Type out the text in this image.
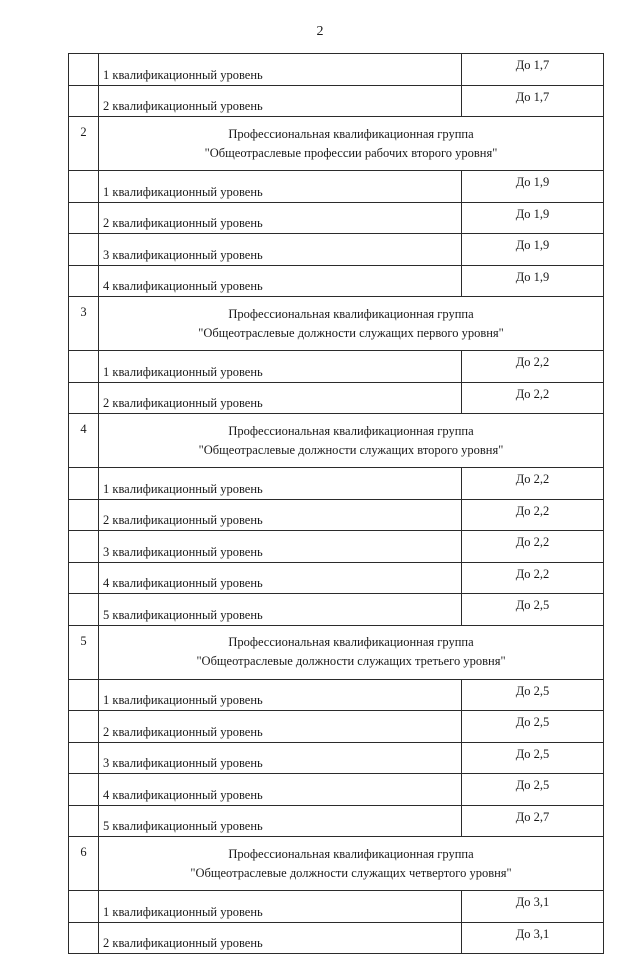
2
	1 квалификационный уровень	До 1,7
	2 квалификационный уровень	До 1,7
2	Профессиональная квалификационная группа
"Общеотраслевые профессии рабочих второго уровня"	

	1 квалификационный уровень	До 1,9
	2 квалификационный уровень	До 1,9
	3 квалификационный уровень	До 1,9
	4 квалификационный уровень	До 1,9
3	Профессиональная квалификационная группа
"Общеотраслевые должности служащих первого уровня"	

	1 квалификационный уровень	До 2,2
	2 квалификационный уровень	До 2,2
4	Профессиональная квалификационная группа
"Общеотраслевые должности служащих второго уровня"	

	1 квалификационный уровень	До 2,2
	2 квалификационный уровень	До 2,2
	3 квалификационный уровень	До 2,2
	4 квалификационный уровень	До 2,2
	5 квалификационный уровень	До 2,5
5	Профессиональная квалификационная группа
"Общеотраслевые должности служащих третьего уровня"	

	1 квалификационный уровень	До 2,5
	2 квалификационный уровень	До 2,5
	3 квалификационный уровень	До 2,5
	4 квалификационный уровень	До 2,5
	5 квалификационный уровень	До 2,7
6	Профессиональная квалификационная группа
"Общеотраслевые должности служащих четвертого уровня"	

	1 квалификационный уровень	До 3,1
	2 квалификационный уровень	До 3,1
